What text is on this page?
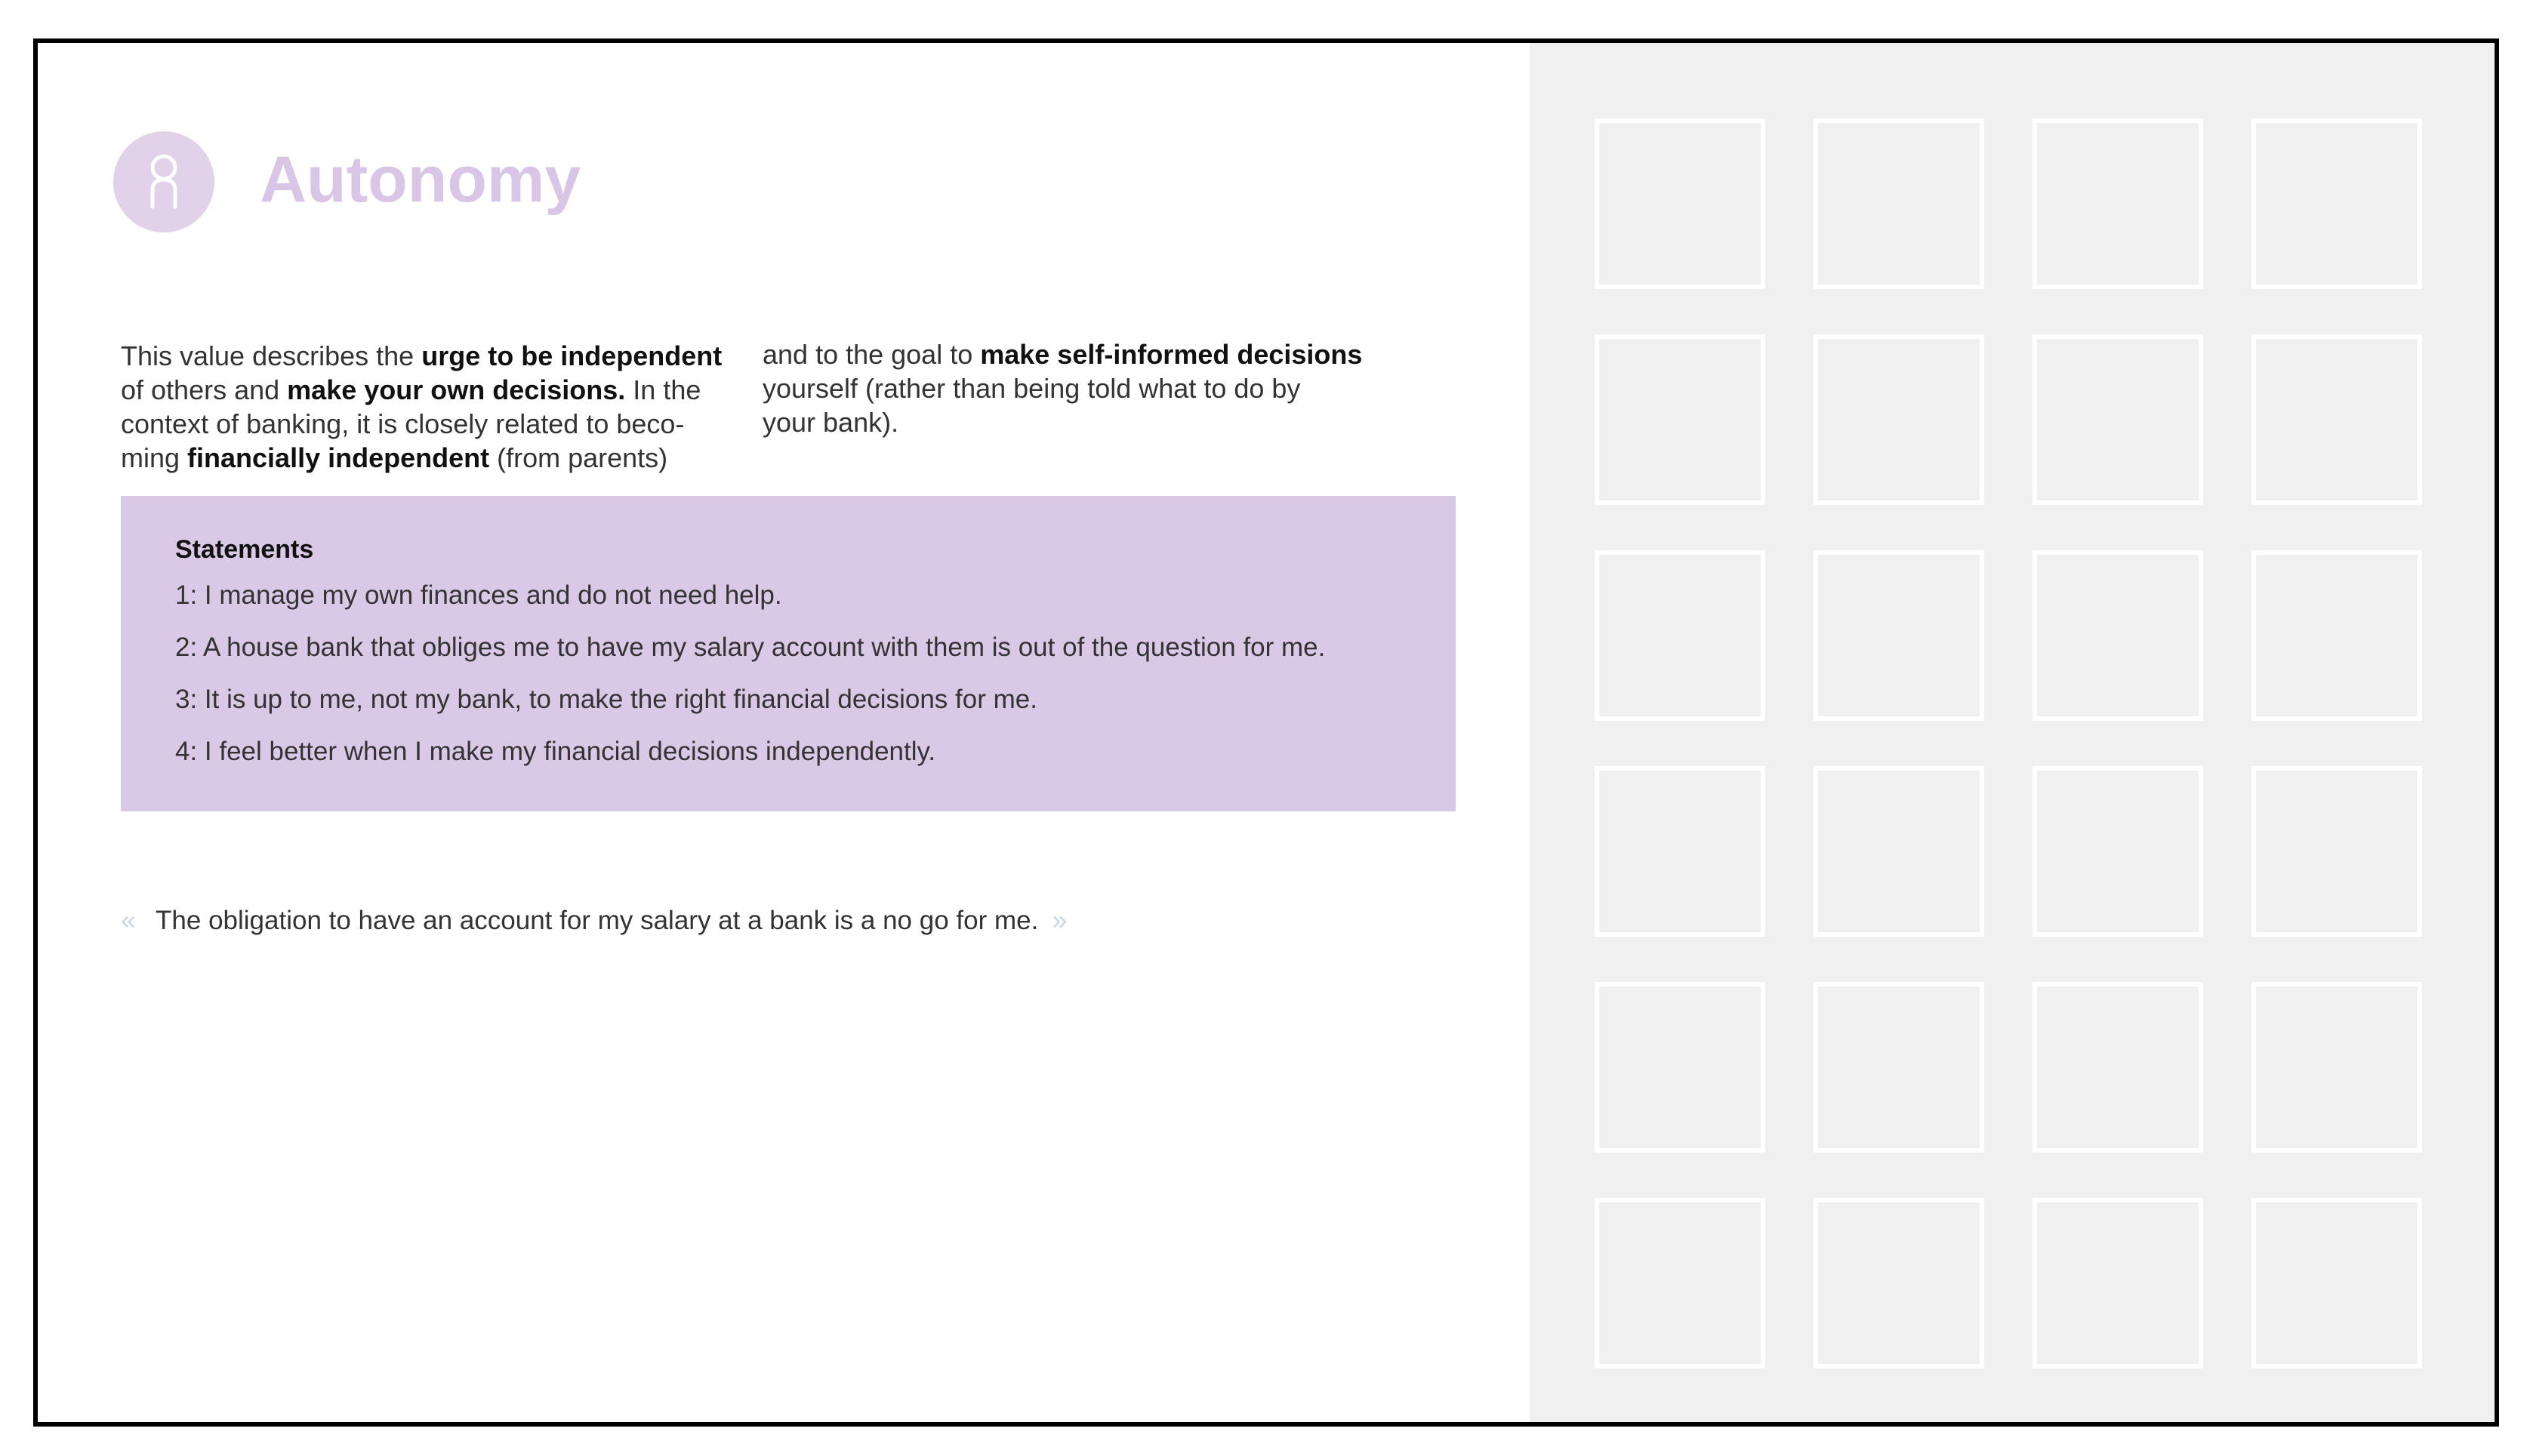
Autonomy
This value describes the urge to be independent
of others and make your own decisions. In the
context of banking, it is closely related to beco-
ming financially independent (from parents)
and to the goal to make self-informed decisions
yourself (rather than being told what to do by
your bank).
Statements
1: I manage my own finances and do not need help.
2: A house bank that obliges me to have my salary account with them is out of the question for me.
3: It is up to me, not my bank, to make the right financial decisions for me.
4: I feel better when I make my financial decisions independently.
« The obligation to have an account for my salary at a bank is a no go for me. »
